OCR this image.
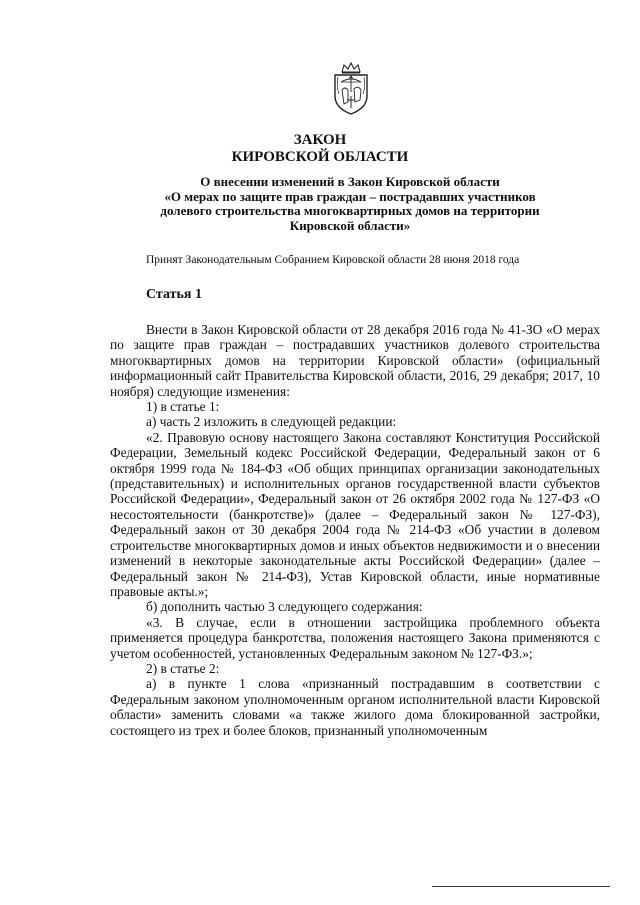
ЗАКОН
КИРОВСКОЙ ОБЛАСТИ
О внесении изменений в Закон Кировской области
«О мерах по защите прав граждан – пострадавших участников
долевого строительства многоквартирных домов на территории
Кировской области»
Принят Законодательным Собранием Кировской области 28 июня 2018 года
Статья 1

Внести в Закон Кировской области от 28 декабря 2016 года № 41-ЗО «О мерах по защите прав граждан – пострадавших участников долевого строительства многоквартирных домов на территории Кировской области» (официальный информационный сайт Правительства Кировской области, 2016, 29 декабря; 2017, 10 ноября) следующие изменения:

1) в статье 1:

а) часть 2 изложить в следующей редакции:

«2. Правовую основу настоящего Закона составляют Конституция Российской Федерации, Земельный кодекс Российской Федерации, Федеральный закон от 6 октября 1999 года № 184-ФЗ «Об общих принципах организации законодательных (представительных) и исполнительных органов государственной власти субъектов Российской Федерации», Федеральный закон от 26 октября 2002 года № 127-ФЗ «О несостоятельности (банкротстве)» (далее – Федеральный закон № 127-ФЗ), Федеральный закон от 30 декабря 2004 года № 214-ФЗ «Об участии в долевом строительстве многоквартирных домов и иных объектов недвижимости и о внесении изменений в некоторые законодательные акты Российской Федерации» (далее – Федеральный закон № 214-ФЗ), Устав Кировской области, иные нормативные правовые акты.»;

б) дополнить частью 3 следующего содержания:

«3. В случае, если в отношении застройщика проблемного объекта применяется процедура банкротства, положения настоящего Закона применяются с учетом особенностей, установленных Федеральным законом № 127-ФЗ.»;

2) в статье 2:

а) в пункте 1 слова «признанный пострадавшим в соответствии с Федеральным законом уполномоченным органом исполнительной власти Кировской области» заменить словами «а также жилого дома блокированной застройки, состоящего из трех и более блоков, признанный уполномоченным
